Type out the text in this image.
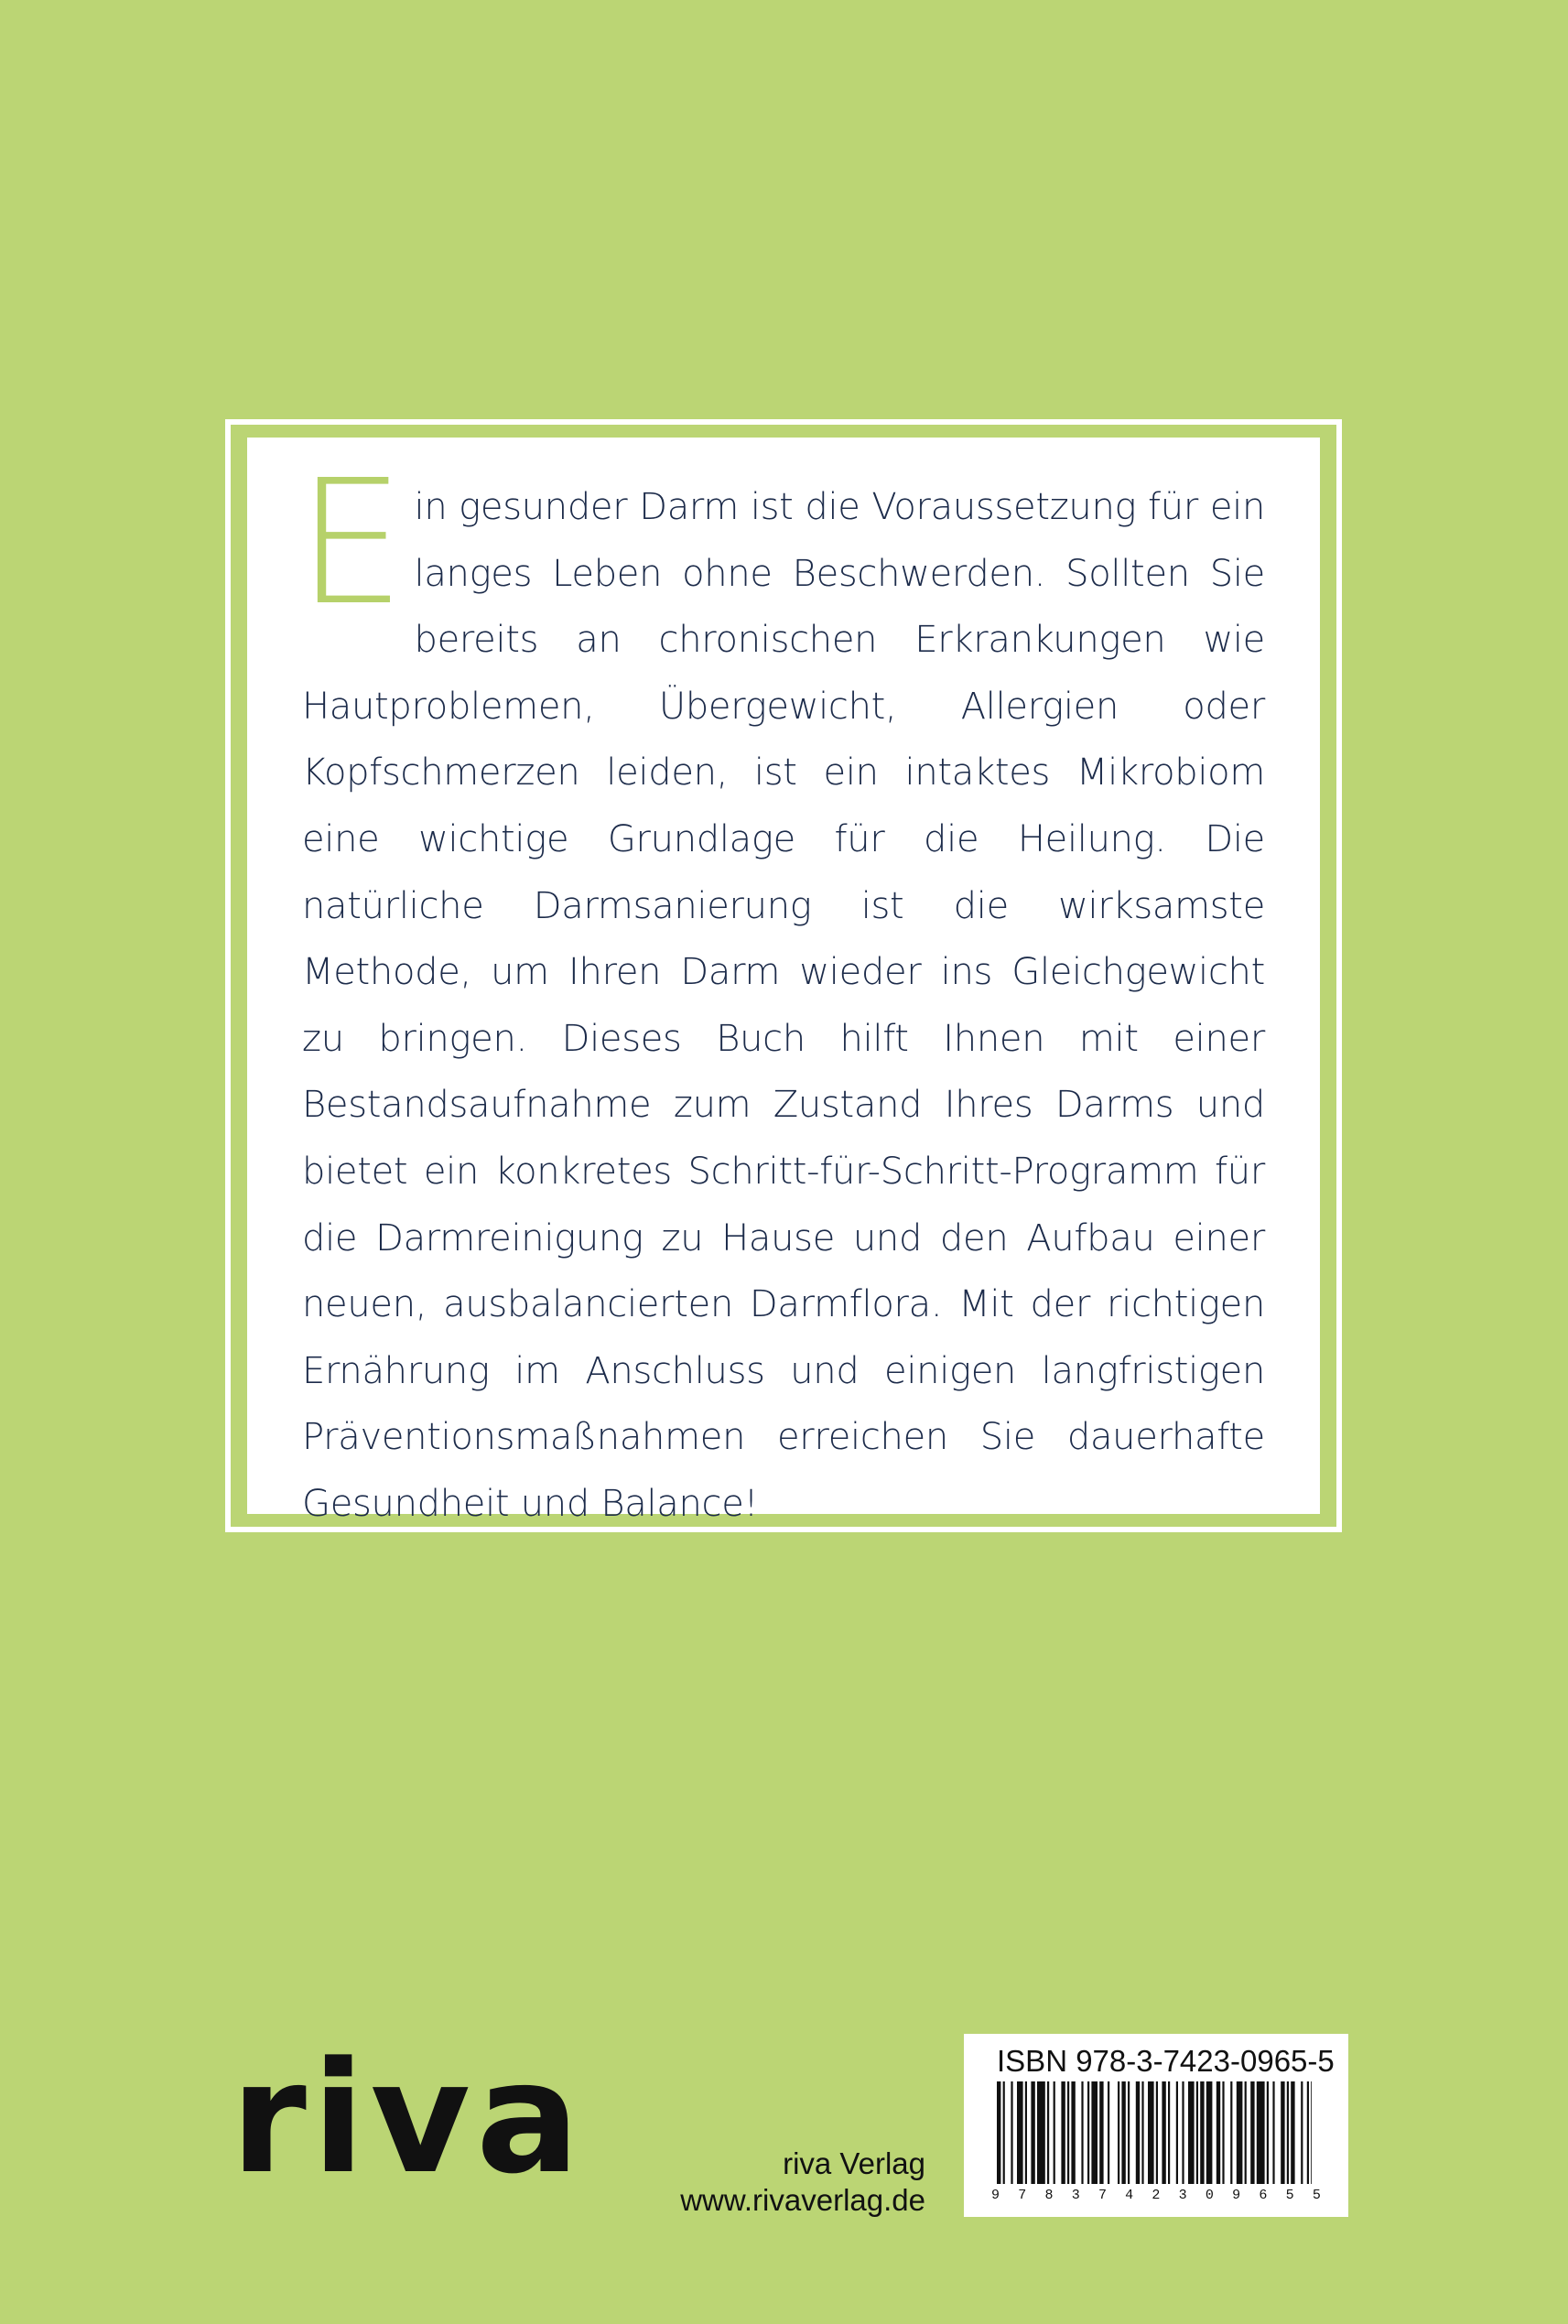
Ein gesunder Darm ist die Voraussetzung für ein langes Leben ohne Beschwerden. Sollten Sie bereits an chronischen Erkrankungen wie Hautproblemen, Übergewicht, Allergien oder Kopfschmerzen leiden, ist ein intaktes Mikrobiom eine wichtige Grundlage für die Heilung. Die natürliche Darmsanierung ist die wirksamste Methode, um Ihren Darm wieder ins Gleichgewicht zu bringen. Dieses Buch hilft Ihnen mit einer Bestandsaufnahme zum Zustand Ihres Darms und bietet ein konkretes Schritt-für-Schritt-Programm für die Darmreinigung zu Hause und den Aufbau einer neuen, ausbalancierten Darmflora. Mit der richtigen Ernährung im Anschluss und einigen langfristigen Präventionsmaßnahmen erreichen Sie dauerhafte Gesundheit und Balance!

riva	riva Verlag
www.rivaverlag.de
ISBN 978-3-7423-0965-5
9 7 8 3 7 4 2 3 0 9 6 5 5
